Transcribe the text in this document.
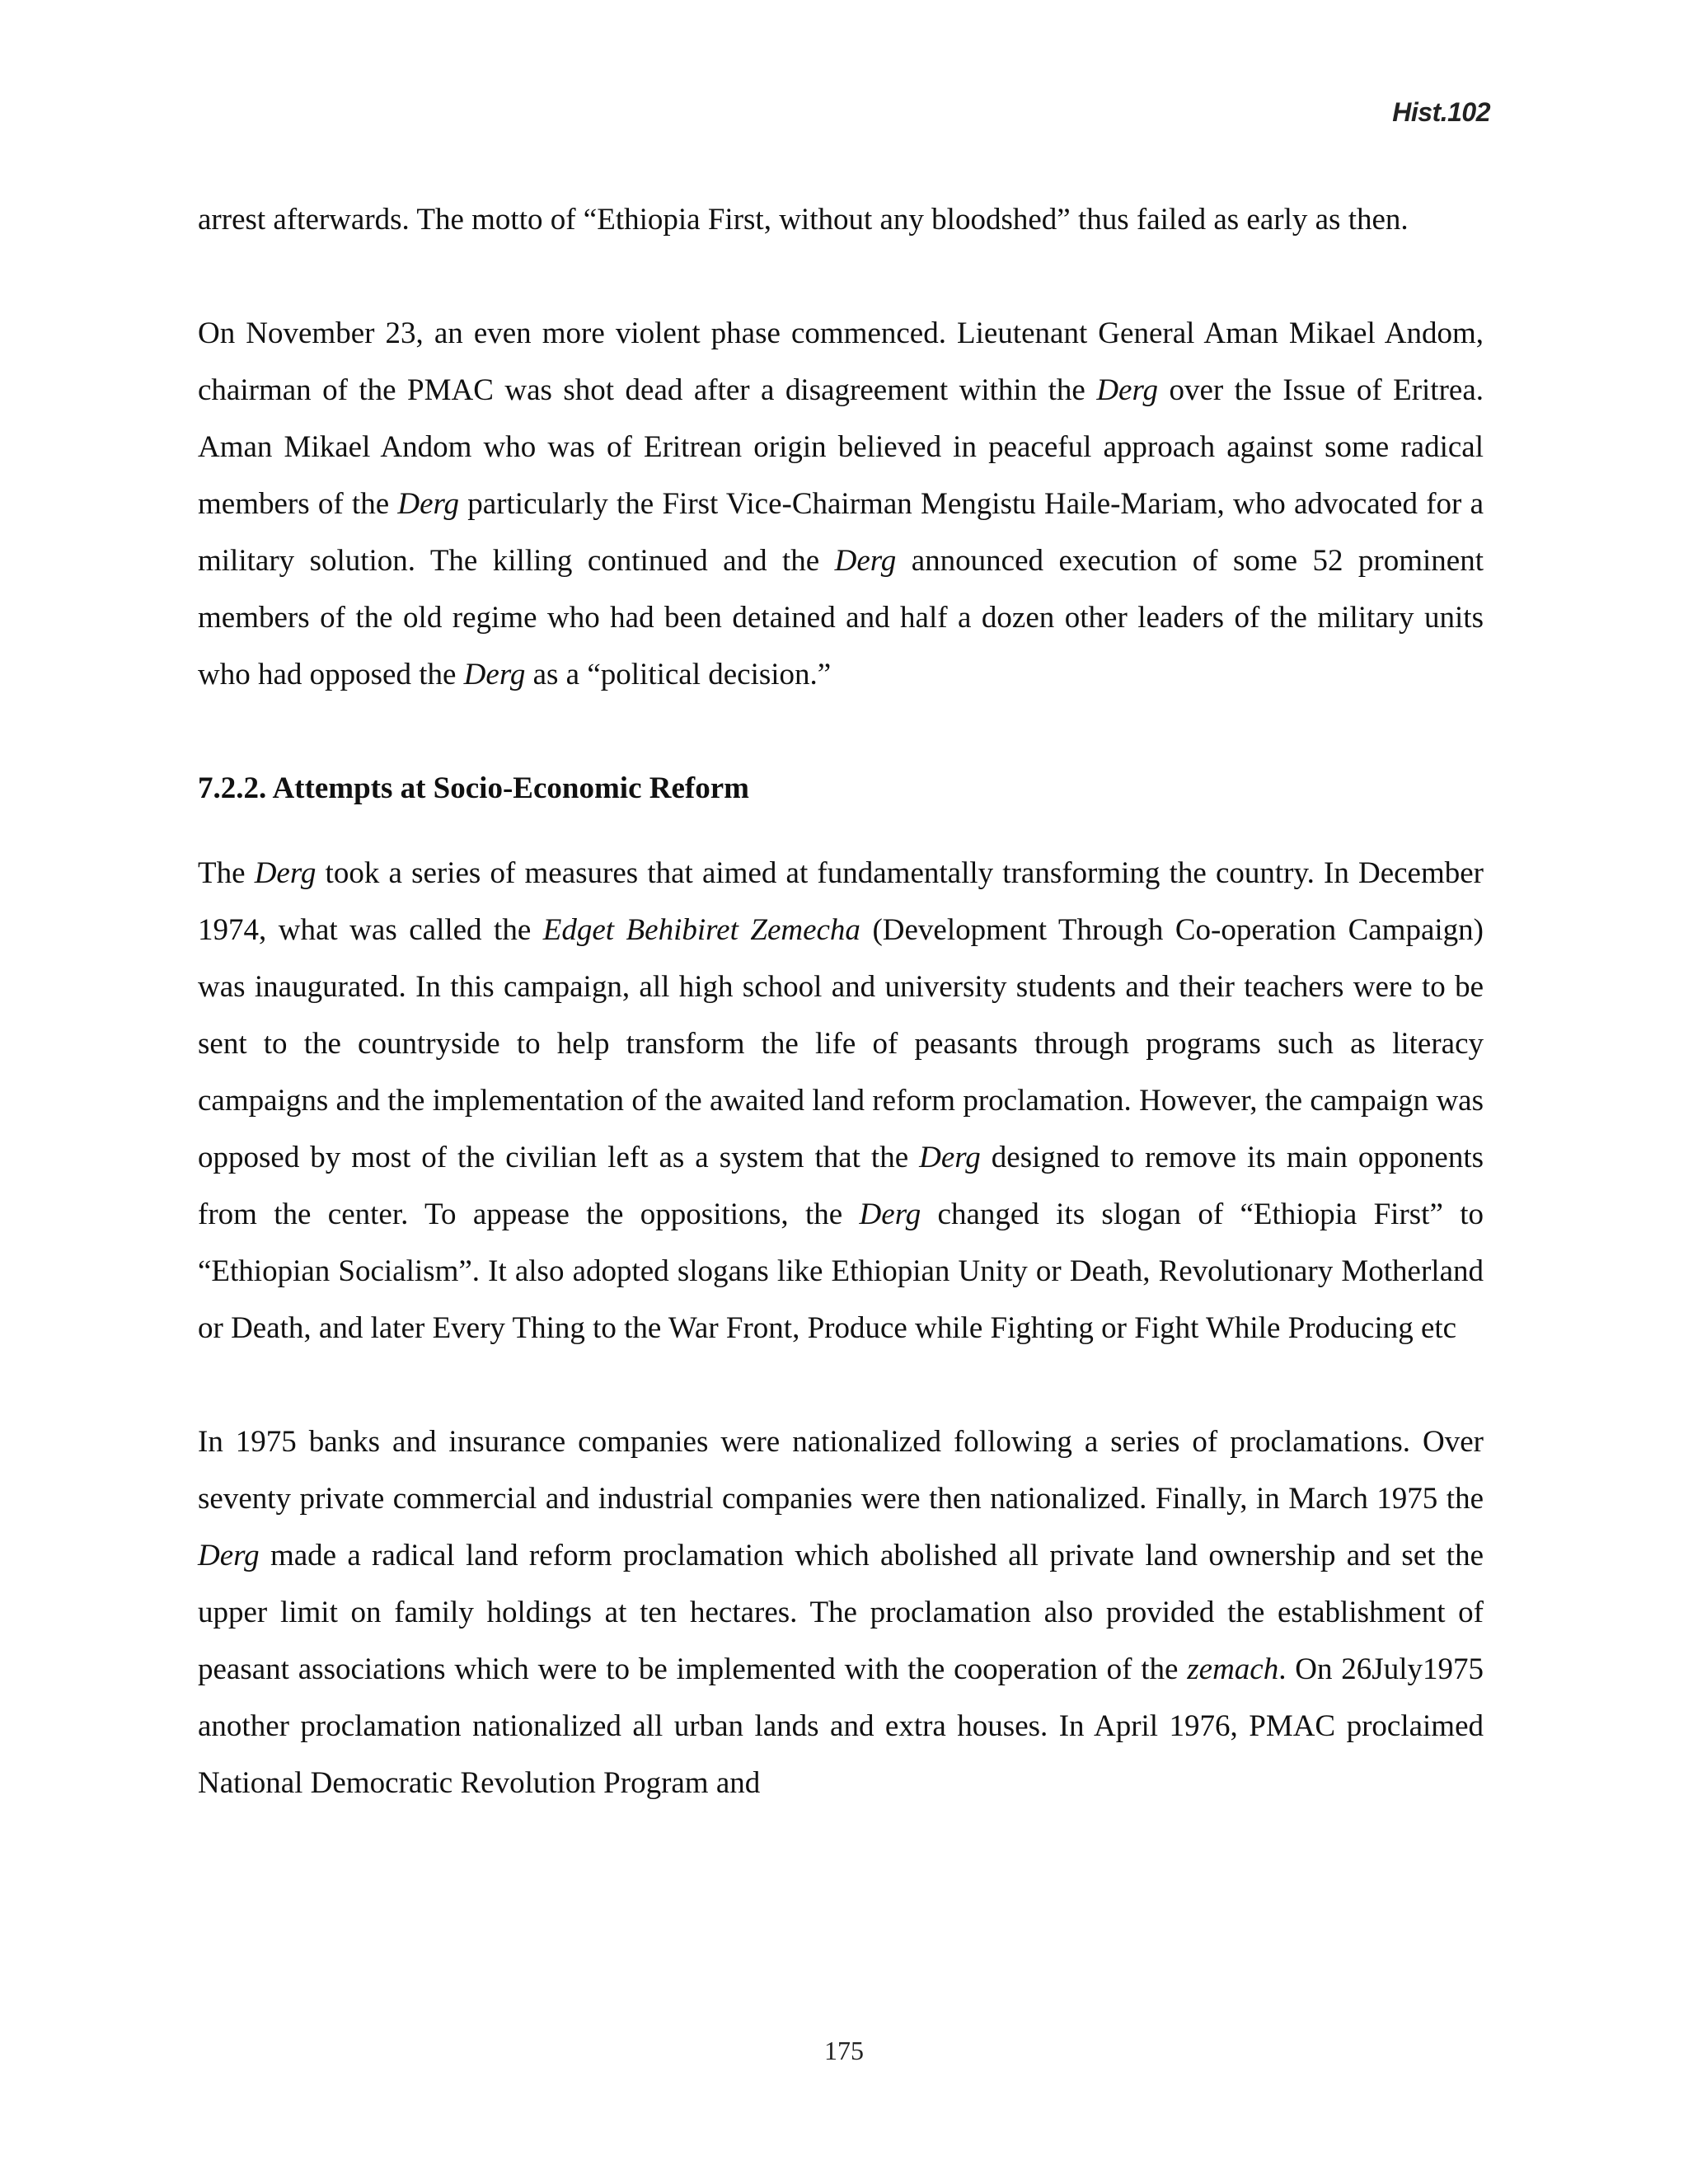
Hist.102

arrest afterwards. The motto of “Ethiopia First, without any bloodshed” thus failed as early as then.

On November 23, an even more violent phase commenced. Lieutenant General Aman Mikael Andom, chairman of the PMAC was shot dead after a disagreement within the Derg over the Issue of Eritrea. Aman Mikael Andom who was of Eritrean origin believed in peaceful approach against some radical members of the Derg particularly the First Vice-Chairman Mengistu Haile-Mariam, who advocated for a military solution. The killing continued and the Derg announced execution of some 52 prominent members of the old regime who had been detained and half a dozen other leaders of the military units who had opposed the Derg as a “political decision.”

7.2.2. Attempts at Socio-Economic Reform

The Derg took a series of measures that aimed at fundamentally transforming the country. In December 1974, what was called the Edget Behibiret Zemecha (Development Through Co-operation Campaign) was inaugurated. In this campaign, all high school and university students and their teachers were to be sent to the countryside to help transform the life of peasants through programs such as literacy campaigns and the implementation of the awaited land reform proclamation. However, the campaign was opposed by most of the civilian left as a system that the Derg designed to remove its main opponents from the center. To appease the oppositions, the Derg changed its slogan of “Ethiopia First” to “Ethiopian Socialism”. It also adopted slogans like Ethiopian Unity or Death, Revolutionary Motherland or Death, and later Every Thing to the War Front, Produce while Fighting or Fight While Producing etc

In 1975 banks and insurance companies were nationalized following a series of proclamations. Over seventy private commercial and industrial companies were then nationalized. Finally, in March 1975 the Derg made a radical land reform proclamation which abolished all private land ownership and set the upper limit on family holdings at ten hectares. The proclamation also provided the establishment of peasant associations which were to be implemented with the cooperation of the zemach. On 26July1975 another proclamation nationalized all urban lands and extra houses. In April 1976, PMAC proclaimed National Democratic Revolution Program and

175
